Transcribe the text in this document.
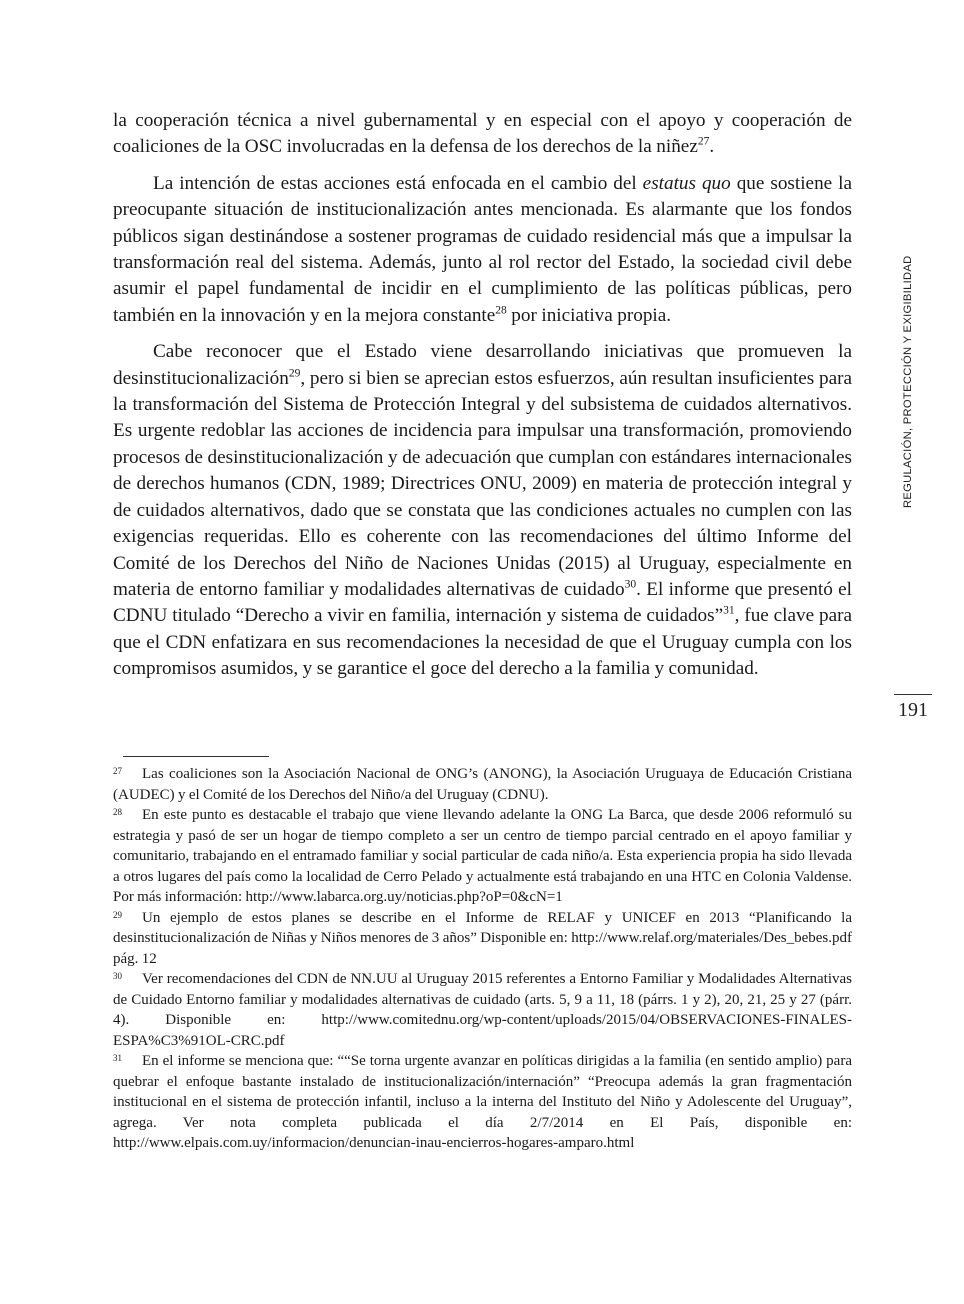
la cooperación técnica a nivel gubernamental y en especial con el apoyo y cooperación de coaliciones de la OSC involucradas en la defensa de los derechos de la niñez$^{27}$.

La intención de estas acciones está enfocada en el cambio del estatus quo que sostiene la preocupante situación de institucionalización antes mencionada. Es alarmante que los fondos públicos sigan destinándose a sostener programas de cuidado residencial más que a impulsar la transformación real del sistema. Además, junto al rol rector del Estado, la sociedad civil debe asumir el papel fundamental de incidir en el cumplimiento de las políticas públicas, pero también en la innovación y en la mejora constante$^{28}$ por iniciativa propia.

Cabe reconocer que el Estado viene desarrollando iniciativas que promueven la desinstitucionalización$^{29}$, pero si bien se aprecian estos esfuerzos, aún resultan insuficientes para la transformación del Sistema de Protección Integral y del subsistema de cuidados alternativos. Es urgente redoblar las acciones de incidencia para impulsar una transformación, promoviendo procesos de desinstitucionalización y de adecuación que cumplan con estándares internacionales de derechos humanos (CDN, 1989; Directrices ONU, 2009) en materia de protección integral y de cuidados alternativos, dado que se constata que las condiciones actuales no cumplen con las exigencias requeridas. Ello es coherente con las recomendaciones del último Informe del Comité de los Derechos del Niño de Naciones Unidas (2015) al Uruguay, especialmente en materia de entorno familiar y modalidades alternativas de cuidado$^{30}$. El informe que presentó el CDNU titulado “Derecho a vivir en familia, internación y sistema de cuidados”$^{31}$, fue clave para que el CDN enfatizara en sus recomendaciones la necesidad de que el Uruguay cumpla con los compromisos asumidos, y se garantice el goce del derecho a la familia y comunidad.

REGULACIÓN, PROTECCIÓN Y EXIGIBILIDAD
191

27 Las coaliciones son la Asociación Nacional de ONG’s (ANONG), la Asociación Uruguaya de Educación Cristiana (AUDEC) y el Comité de los Derechos del Niño/a del Uruguay (CDNU).

28 En este punto es destacable el trabajo que viene llevando adelante la ONG La Barca, que desde 2006 reformuló su estrategia y pasó de ser un hogar de tiempo completo a ser un centro de tiempo parcial centrado en el apoyo familiar y comunitario, trabajando en el entramado familiar y social particular de cada niño/a. Esta experiencia propia ha sido llevada a otros lugares del país como la localidad de Cerro Pelado y actualmente está trabajando en una HTC en Colonia Valdense. Por más información: http://www.labarca.org.uy/noticias.php?oP=0&cN=1

29 Un ejemplo de estos planes se describe en el Informe de RELAF y UNICEF en 2013 “Planificando la desinstitucionalización de Niñas y Niños menores de 3 años” Disponible en: http://www.relaf.org/materiales/Des_bebes.pdf pág. 12

30 Ver recomendaciones del CDN de NN.UU al Uruguay 2015 referentes a Entorno Familiar y Modalidades Alternativas de Cuidado Entorno familiar y modalidades alternativas de cuidado (arts. 5, 9 a 11, 18 (párrs. 1 y 2), 20, 21, 25 y 27 (párr. 4). Disponible en: http://www.comitednu.org/wp-content/uploads/2015/04/OBSERVACIONES-FINALES-ESPA%C3%91OL-CRC.pdf

31 En el informe se menciona que: ““Se torna urgente avanzar en políticas dirigidas a la familia (en sentido amplio) para quebrar el enfoque bastante instalado de institucionalización/internación” “Preocupa además la gran fragmentación institucional en el sistema de protección infantil, incluso a la interna del Instituto del Niño y Adolescente del Uruguay”, agrega. Ver nota completa publicada el día 2/7/2014 en El País, disponible en: http://www.elpais.com.uy/informacion/denuncian-inau-encierros-hogares-amparo.html
